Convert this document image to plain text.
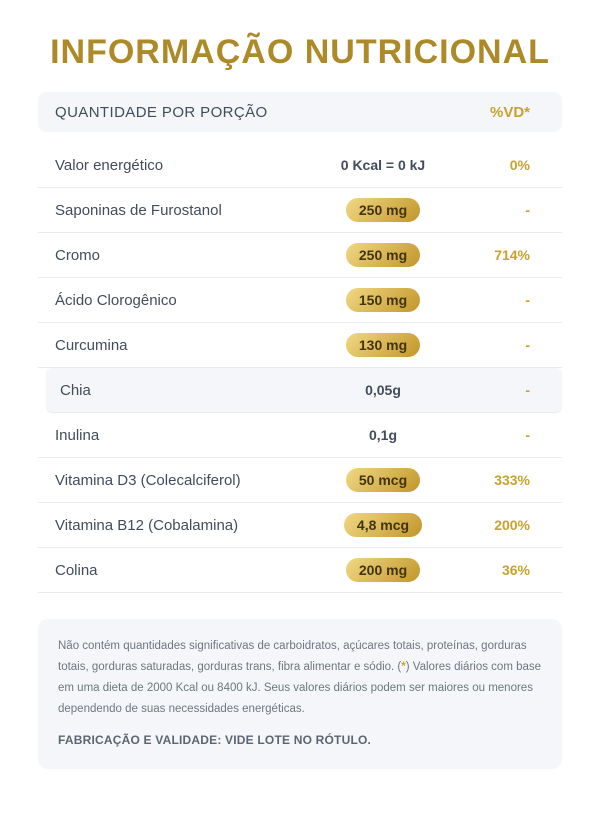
INFORMAÇÃO NUTRICIONAL
QUANTIDADE POR PORÇÃO	%VD*
Valor energético	0 Kcal = 0 kJ	0%
Saponinas de Furostanol	250 mg	-
Cromo	250 mg	714%
Ácido Clorogênico	150 mg	-
Curcumina	130 mg	-
Chia	0,05g	-
Inulina	0,1g	-
Vitamina D3 (Colecalciferol)	50 mcg	333%
Vitamina B12 (Cobalamina)	4,8 mcg	200%
Colina	200 mg	36%

Não contém quantidades significativas de carboidratos, açúcares totais, proteínas, gorduras totais, gorduras saturadas, gorduras trans, fibra alimentar e sódio. (*) Valores diários com base em uma dieta de 2000 Kcal ou 8400 kJ. Seus valores diários podem ser maiores ou menores dependendo de suas necessidades energéticas.

FABRICAÇÃO E VALIDADE: VIDE LOTE NO RÓTULO.
